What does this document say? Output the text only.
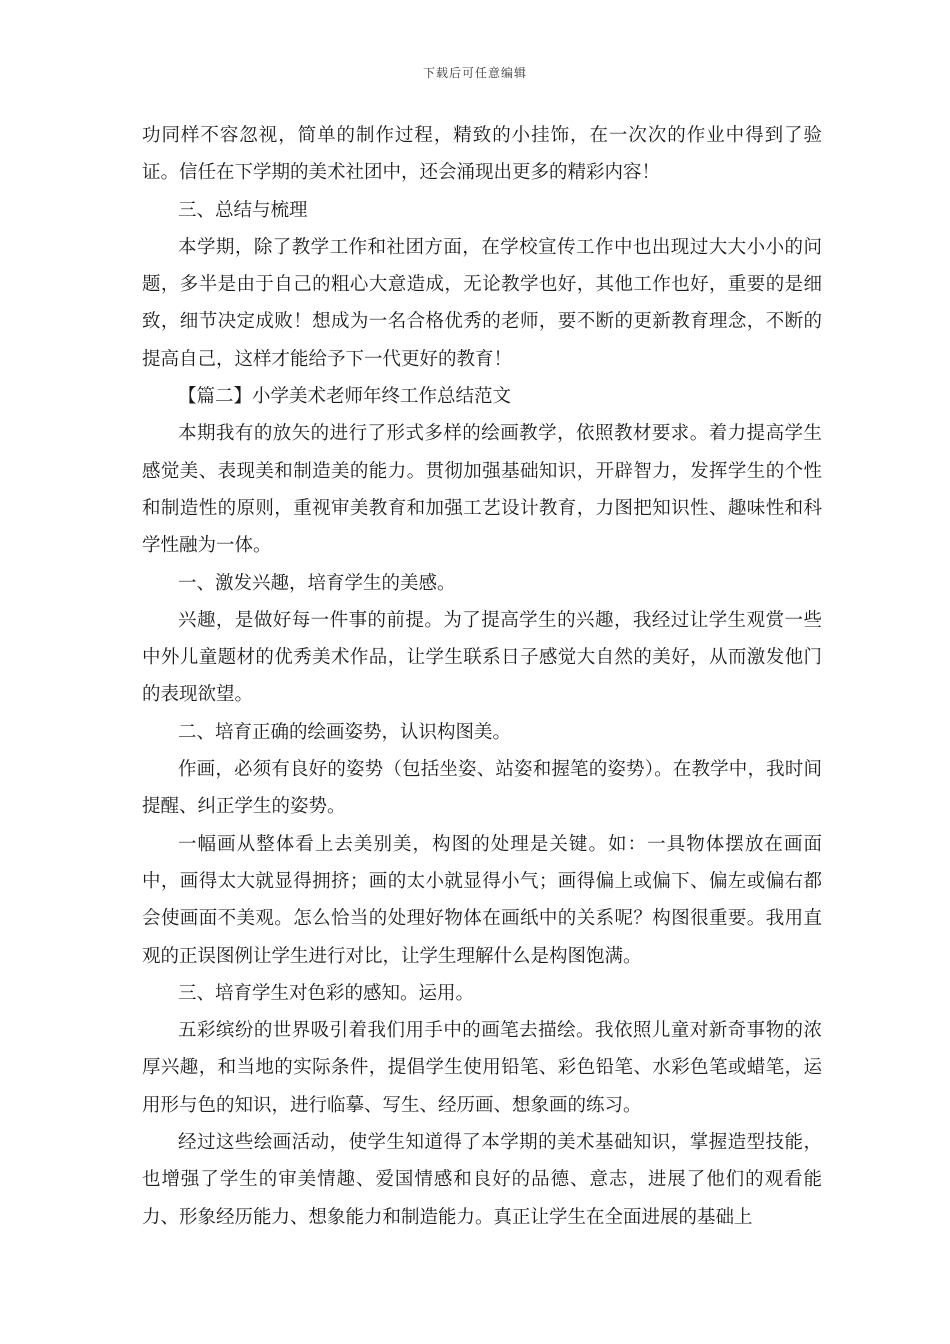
下载后可任意编辑

功同样不容忽视，简单的制作过程，精致的小挂饰，在一次次的作业中得到了验证。信任在下学期的美术社团中，还会涌现出更多的精彩内容！

三、总结与梳理

本学期，除了教学工作和社团方面，在学校宣传工作中也出现过大大小小的问题，多半是由于自己的粗心大意造成，无论教学也好，其他工作也好，重要的是细致，细节决定成败！想成为一名合格优秀的老师，要不断的更新教育理念，不断的提高自己，这样才能给予下一代更好的教育！

【篇二】小学美术老师年终工作总结范文

本期我有的放矢的进行了形式多样的绘画教学，依照教材要求。着力提高学生感觉美、表现美和制造美的能力。贯彻加强基础知识，开辟智力，发挥学生的个性和制造性的原则，重视审美教育和加强工艺设计教育，力图把知识性、趣味性和科学性融为一体。

一、激发兴趣，培育学生的美感。

兴趣，是做好每一件事的前提。为了提高学生的兴趣，我经过让学生观赏一些中外儿童题材的优秀美术作品，让学生联系日子感觉大自然的美好，从而激发他门的表现欲望。

二、培育正确的绘画姿势，认识构图美。

作画，必须有良好的姿势（包括坐姿、站姿和握笔的姿势）。在教学中，我时间提醒、纠正学生的姿势。

一幅画从整体看上去美别美，构图的处理是关键。如：一具物体摆放在画面中，画得太大就显得拥挤；画的太小就显得小气；画得偏上或偏下、偏左或偏右都会使画面不美观。怎么恰当的处理好物体在画纸中的关系呢？构图很重要。我用直观的正误图例让学生进行对比，让学生理解什么是构图饱满。

三、培育学生对色彩的感知。运用。

五彩缤纷的世界吸引着我们用手中的画笔去描绘。我依照儿童对新奇事物的浓厚兴趣，和当地的实际条件，提倡学生使用铅笔、彩色铅笔、水彩色笔或蜡笔，运用形与色的知识，进行临摹、写生、经历画、想象画的练习。

经过这些绘画活动，使学生知道得了本学期的美术基础知识，掌握造型技能，也增强了学生的审美情趣、爱国情感和良好的品德、意志，进展了他们的观看能力、形象经历能力、想象能力和制造能力。真正让学生在全面进展的基础上
